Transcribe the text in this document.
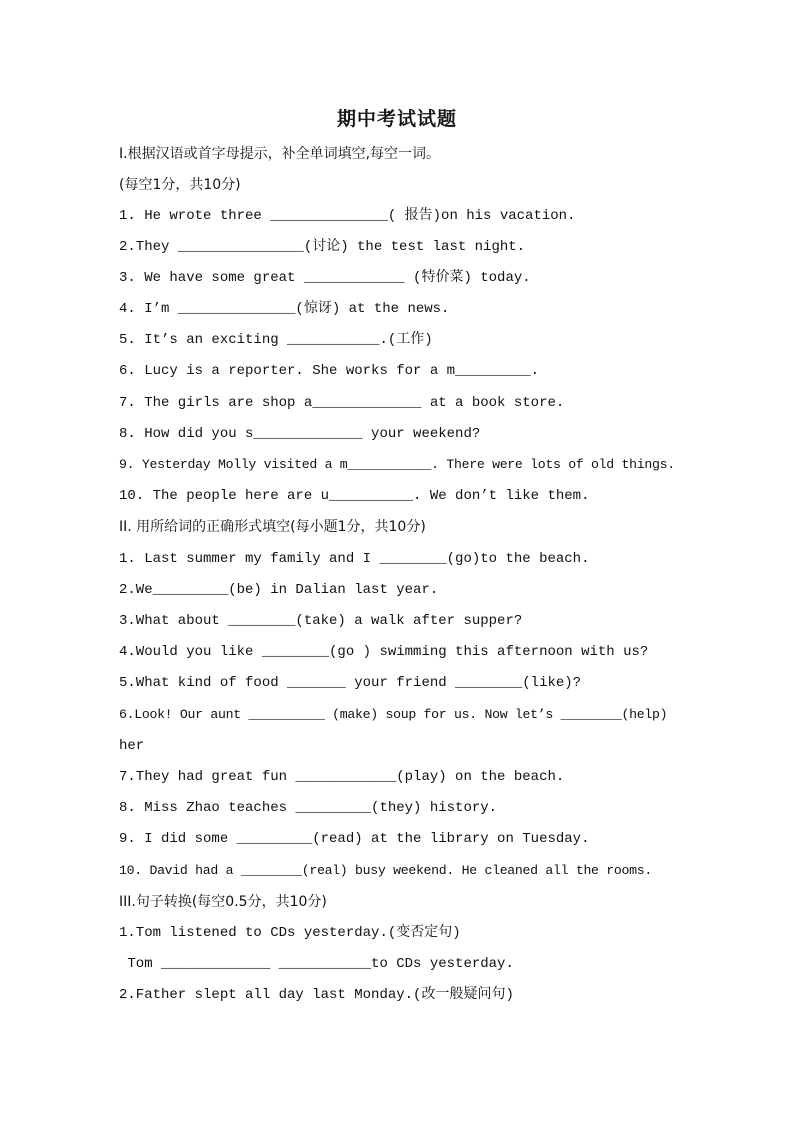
期中考试试题
I.根据汉语或首字母提示，补全单词填空,每空一词。
(每空1分，共10分)
1. He wrote three ______________( 报告)on his vacation.
2.They _______________(讨论) the test last night.
3. We have some great ____________ (特价菜) today.
4. I’m ______________(惊讶) at the news.
5. It’s an exciting ___________.(工作)
6. Lucy is a reporter. She works for a m_________.
7. The girls are shop a_____________ at a book store.
8. How did you s_____________ your weekend?
9. Yesterday Molly visited a m___________. There were lots of old things.
10. The people here are u__________. We don’t like them.
II. 用所给词的正确形式填空(每小题1分，共10分)
1. Last summer my family and I ________(go)to the beach.
2.We_________(be) in Dalian last year.
3.What about ________(take) a walk after supper?
4.Would you like ________(go ) swimming this afternoon with us?
5.What kind of food _______ your friend ________(like)?
6.Look! Our aunt __________ (make) soup for us. Now let’s ________(help)
her
7.They had great fun ____________(play) on the beach.
8. Miss Zhao teaches _________(they) history.
9. I did some _________(read) at the library on Tuesday.
10. David had a ________(real) busy weekend. He cleaned all the rooms.
III.句子转换(每空0.5分，共10分)
1.Tom listened to CDs yesterday.(变否定句)
Tom _____________ ___________to CDs yesterday.
2.Father slept all day last Monday.(改一般疑问句)
